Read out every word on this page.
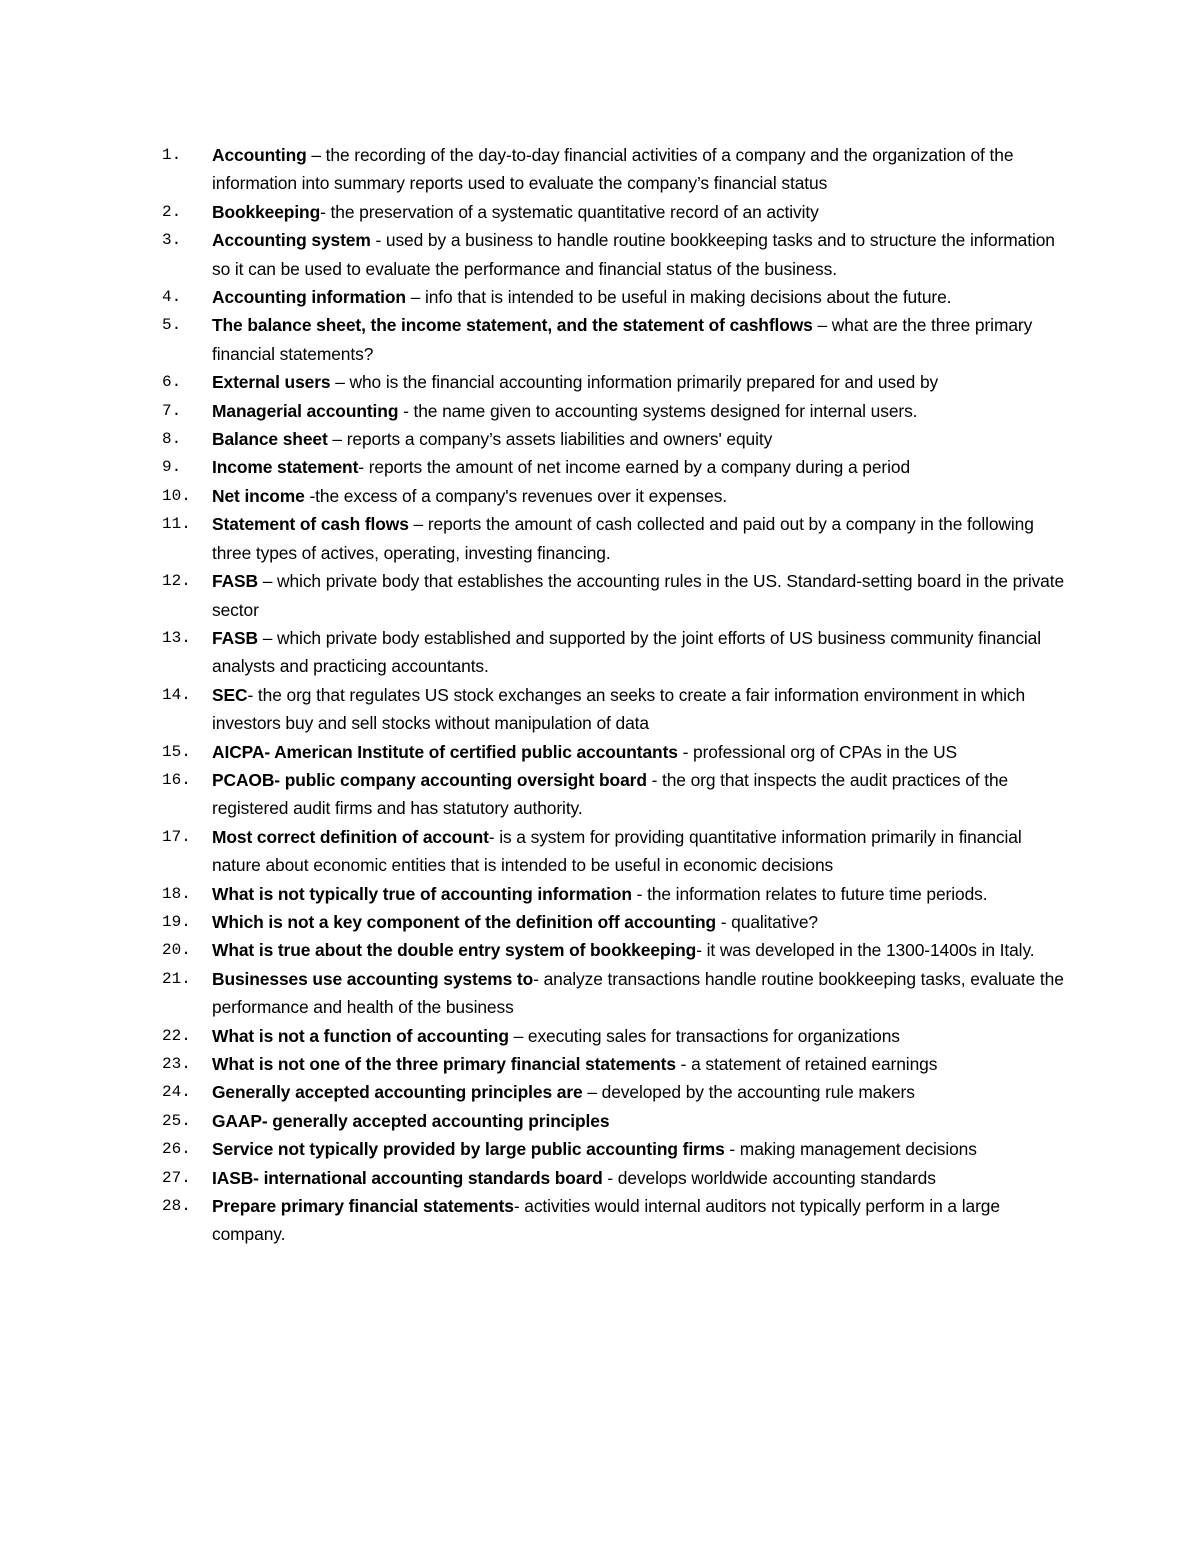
1.	Accounting – the recording of the day-to-day financial activities of a company and the organization of the information into summary reports used to evaluate the company’s financial status
2.	Bookkeeping- the preservation of a systematic quantitative record of an activity
3.	Accounting system - used by a business to handle routine bookkeeping tasks and to structure the information so it can be used to evaluate the performance and financial status of the business.
4.	Accounting information – info that is intended to be useful in making decisions about the future.
5.	The balance sheet, the income statement, and the statement of cashflows – what are the three primary financial statements?
6.	External users – who is the financial accounting information primarily prepared for and used by
7.	Managerial accounting - the name given to accounting systems designed for internal users.
8.	Balance sheet – reports a company’s assets liabilities and owners' equity
9.	Income statement- reports the amount of net income earned by a company during a period
10.	Net income -the excess of a company's revenues over it expenses.
11.	Statement of cash flows – reports the amount of cash collected and paid out by a company in the following three types of actives, operating, investing financing.
12.	FASB – which private body that establishes the accounting rules in the US. Standard-setting board in the private sector
13.	FASB – which private body established and supported by the joint efforts of US business community financial analysts and practicing accountants.
14.	SEC- the org that regulates US stock exchanges an seeks to create a fair information environment in which investors buy and sell stocks without manipulation of data
15.	AICPA- American Institute of certified public accountants - professional org of CPAs in the US
16.	PCAOB- public company accounting oversight board - the org that inspects the audit practices of the registered audit firms and has statutory authority.
17.	Most correct definition of account- is a system for providing quantitative information primarily in financial nature about economic entities that is intended to be useful in economic decisions
18.	What is not typically true of accounting information - the information relates to future time periods.
19.	Which is not a key component of the definition off accounting - qualitative?
20.	What is true about the double entry system of bookkeeping- it was developed in the 1300-1400s in Italy.
21.	Businesses use accounting systems to- analyze transactions handle routine bookkeeping tasks, evaluate the performance and health of the business
22.	What is not a function of accounting – executing sales for transactions for organizations
23.	What is not one of the three primary financial statements - a statement of retained earnings
24.	Generally accepted accounting principles are – developed by the accounting rule makers
25.	GAAP- generally accepted accounting principles
26.	Service not typically provided by large public accounting firms - making management decisions
27.	IASB- international accounting standards board - develops worldwide accounting standards
28.	Prepare primary financial statements- activities would internal auditors not typically perform in a large company.
